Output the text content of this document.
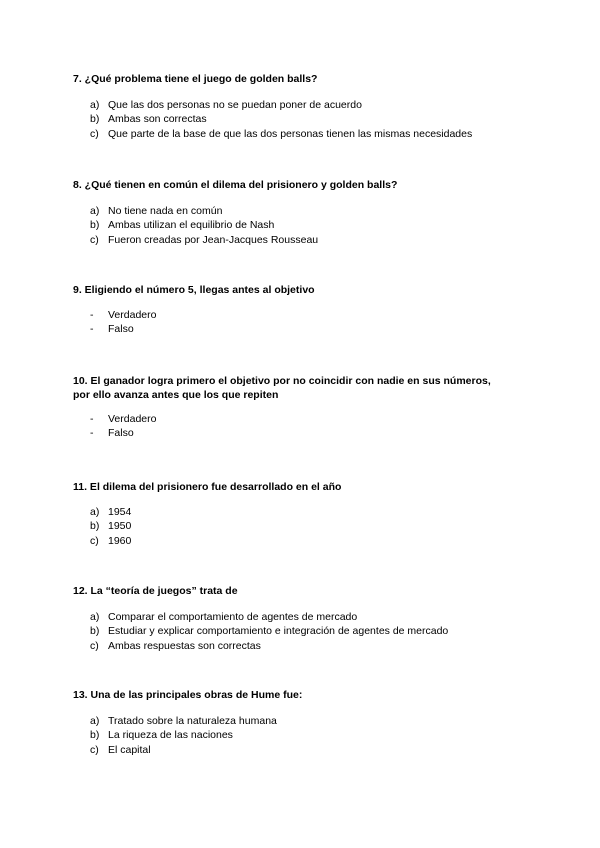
7. ¿Qué problema tiene el juego de golden balls?

a) Que las dos personas no se puedan poner de acuerdo
b) Ambas son correctas
c) Que parte de la base de que las dos personas tienen las mismas necesidades

8. ¿Qué tienen en común el dilema del prisionero y golden balls?

a) No tiene nada en común
b) Ambas utilizan el equilibrio de Nash
c) Fueron creadas por Jean-Jacques Rousseau

9. Eligiendo el número 5, llegas antes al objetivo

- Verdadero
- Falso

10. El ganador logra primero el objetivo por no coincidir con nadie en sus números,

por ello avanza antes que los que repiten

- Verdadero
- Falso

11. El dilema del prisionero fue desarrollado en el año

a) 1954
b) 1950
c) 1960

12. La “teoría de juegos” trata de

a) Comparar el comportamiento de agentes de mercado
b) Estudiar y explicar comportamiento e integración de agentes de mercado
c) Ambas respuestas son correctas

13. Una de las principales obras de Hume fue:

a) Tratado sobre la naturaleza humana
b) La riqueza de las naciones
c) El capital
